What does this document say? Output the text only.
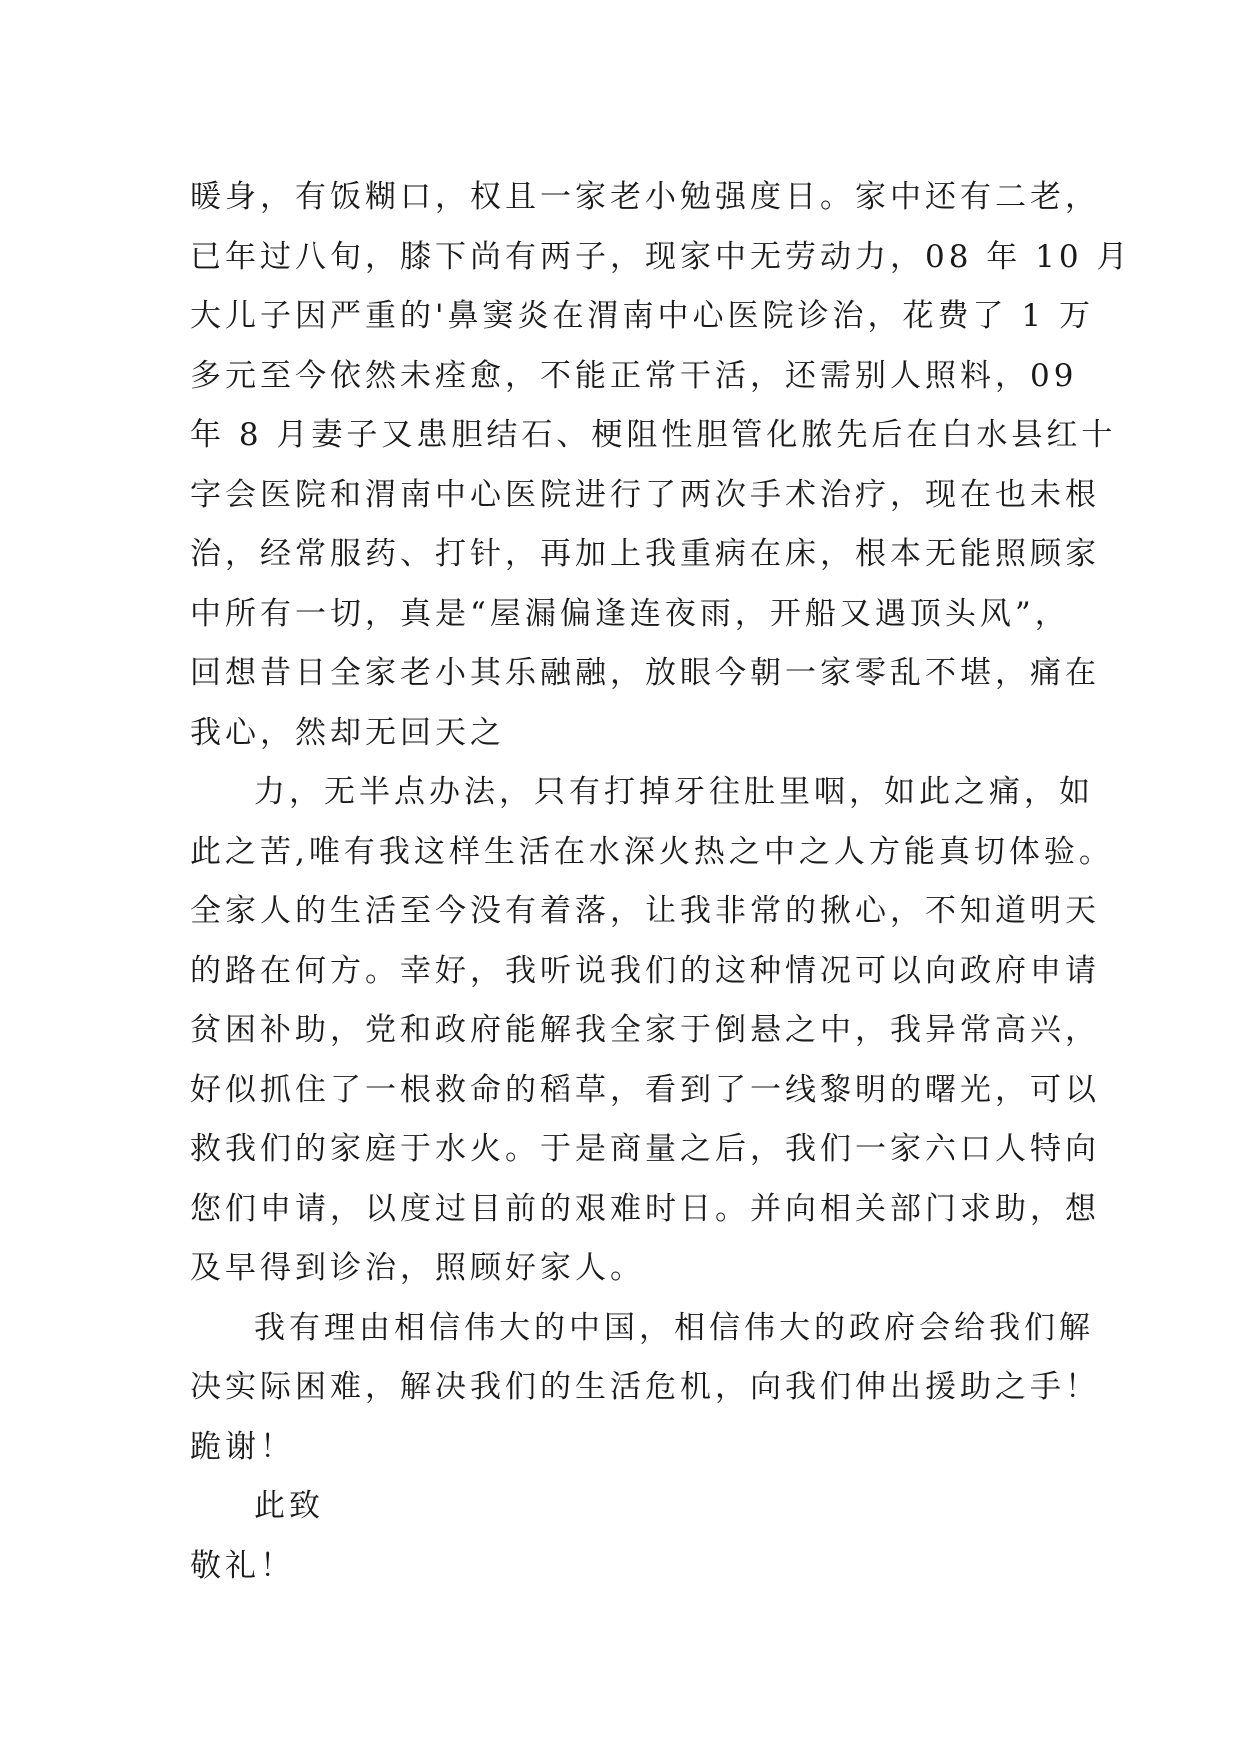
暖身，有饭糊口，权且一家老小勉强度日。家中还有二老，
已年过八旬，膝下尚有两子，现家中无劳动力，08 年 10 月
大儿子因严重的'鼻窦炎在渭南中心医院诊治，花费了 1 万
多元至今依然未痊愈，不能正常干活，还需别人照料，09
年 8 月妻子又患胆结石、梗阻性胆管化脓先后在白水县红十
字会医院和渭南中心医院进行了两次手术治疗，现在也未根
治，经常服药、打针，再加上我重病在床，根本无能照顾家
中所有一切，真是“屋漏偏逢连夜雨，开船又遇顶头风”，
回想昔日全家老小其乐融融，放眼今朝一家零乱不堪，痛在
我心，然却无回天之
力，无半点办法，只有打掉牙往肚里咽，如此之痛，如
此之苦,唯有我这样生活在水深火热之中之人方能真切体验。
全家人的生活至今没有着落，让我非常的揪心，不知道明天
的路在何方。幸好，我听说我们的这种情况可以向政府申请
贫困补助，党和政府能解我全家于倒悬之中，我异常高兴，
好似抓住了一根救命的稻草，看到了一线黎明的曙光，可以
救我们的家庭于水火。于是商量之后，我们一家六口人特向
您们申请，以度过目前的艰难时日。并向相关部门求助，想
及早得到诊治，照顾好家人。
我有理由相信伟大的中国，相信伟大的政府会给我们解
决实际困难，解决我们的生活危机，向我们伸出援助之手！
跪谢！
此致
敬礼！
